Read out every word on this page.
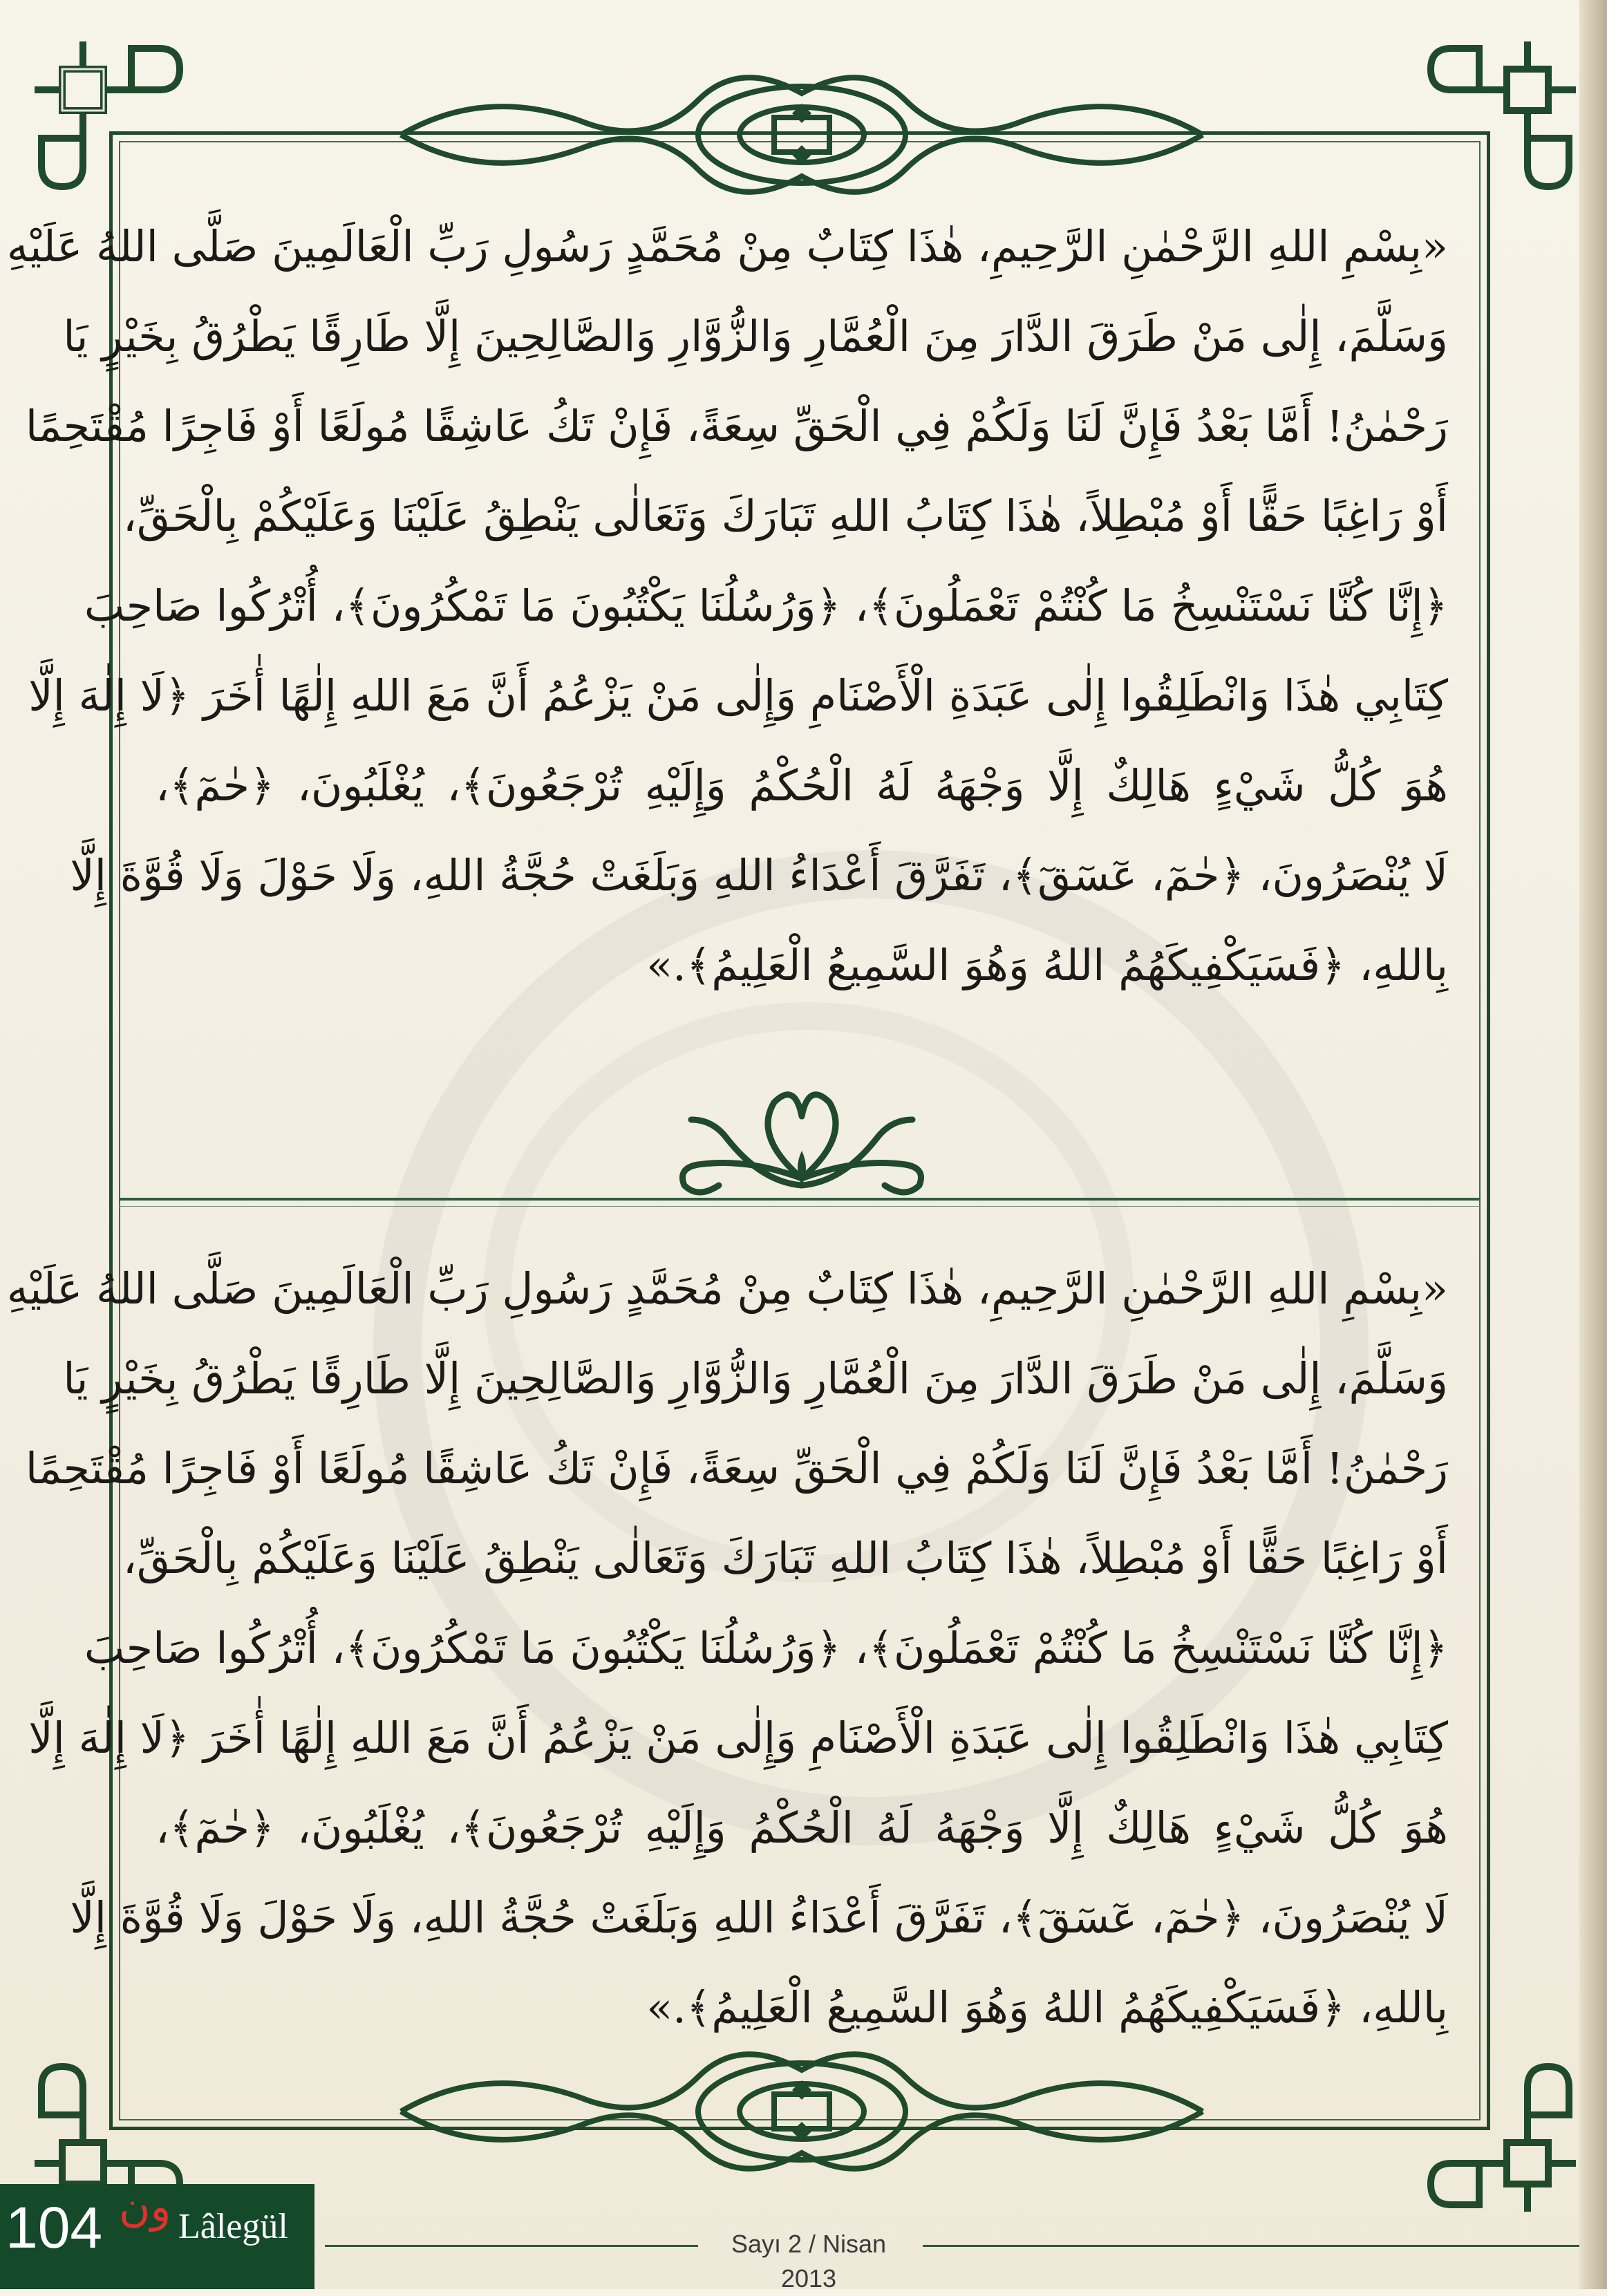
«بِسْمِ اللهِ الرَّحْمٰنِ الرَّحِيمِ، هٰذَا كِتَابٌ مِنْ مُحَمَّدٍ رَسُولِ رَبِّ الْعَالَمِينَ صَلَّى اللهُ عَلَيْهِ
وَسَلَّمَ، إِلٰى مَنْ طَرَقَ الدَّارَ مِنَ الْعُمَّارِ وَالزُّوَّارِ وَالصَّالِحِينَ إِلَّا طَارِقًا يَطْرُقُ بِخَيْرٍ يَا
رَحْمٰنُ! أَمَّا بَعْدُ فَإِنَّ لَنَا وَلَكُمْ فِي الْحَقِّ سِعَةً، فَإِنْ تَكُ عَاشِقًا مُولَعًا أَوْ فَاجِرًا مُقْتَحِمًا
أَوْ رَاغِبًا حَقًّا أَوْ مُبْطِلاً، هٰذَا كِتَابُ اللهِ تَبَارَكَ وَتَعَالٰى يَنْطِقُ عَلَيْنَا وَعَلَيْكُمْ بِالْحَقِّ،
﴿إِنَّا كُنَّا نَسْتَنْسِخُ مَا كُنْتُمْ تَعْمَلُونَ﴾، ﴿وَرُسُلُنَا يَكْتُبُونَ مَا تَمْكُرُونَ﴾، أُتْرُكُوا صَاحِبَ
كِتَابِي هٰذَا وَانْطَلِقُوا إِلٰى عَبَدَةِ الْأَصْنَامِ وَإِلٰى مَنْ يَزْعُمُ أَنَّ مَعَ اللهِ إِلٰهًا أٰخَرَ ﴿لَا إِلٰهَ إِلَّا
هُوَ كُلُّ شَيْءٍ هَالِكٌ إِلَّا وَجْهَهُ لَهُ الْحُكْمُ وَإِلَيْهِ تُرْجَعُونَ﴾، يُغْلَبُونَ، ﴿حٰمٓ﴾،
لَا يُنْصَرُونَ، ﴿حٰمٓ، عٓسٓقٓ﴾، تَفَرَّقَ أَعْدَاءُ اللهِ وَبَلَغَتْ حُجَّةُ اللهِ، وَلَا حَوْلَ وَلَا قُوَّةَ إِلَّا
بِاللهِ، ﴿فَسَيَكْفِيكَهُمُ اللهُ وَهُوَ السَّمِيعُ الْعَلِيمُ﴾.»
«بِسْمِ اللهِ الرَّحْمٰنِ الرَّحِيمِ، هٰذَا كِتَابٌ مِنْ مُحَمَّدٍ رَسُولِ رَبِّ الْعَالَمِينَ صَلَّى اللهُ عَلَيْهِ
وَسَلَّمَ، إِلٰى مَنْ طَرَقَ الدَّارَ مِنَ الْعُمَّارِ وَالزُّوَّارِ وَالصَّالِحِينَ إِلَّا طَارِقًا يَطْرُقُ بِخَيْرٍ يَا
رَحْمٰنُ! أَمَّا بَعْدُ فَإِنَّ لَنَا وَلَكُمْ فِي الْحَقِّ سِعَةً، فَإِنْ تَكُ عَاشِقًا مُولَعًا أَوْ فَاجِرًا مُقْتَحِمًا
أَوْ رَاغِبًا حَقًّا أَوْ مُبْطِلاً، هٰذَا كِتَابُ اللهِ تَبَارَكَ وَتَعَالٰى يَنْطِقُ عَلَيْنَا وَعَلَيْكُمْ بِالْحَقِّ،
﴿إِنَّا كُنَّا نَسْتَنْسِخُ مَا كُنْتُمْ تَعْمَلُونَ﴾، ﴿وَرُسُلُنَا يَكْتُبُونَ مَا تَمْكُرُونَ﴾، أُتْرُكُوا صَاحِبَ
كِتَابِي هٰذَا وَانْطَلِقُوا إِلٰى عَبَدَةِ الْأَصْنَامِ وَإِلٰى مَنْ يَزْعُمُ أَنَّ مَعَ اللهِ إِلٰهًا أٰخَرَ ﴿لَا إِلٰهَ إِلَّا
هُوَ كُلُّ شَيْءٍ هَالِكٌ إِلَّا وَجْهَهُ لَهُ الْحُكْمُ وَإِلَيْهِ تُرْجَعُونَ﴾، يُغْلَبُونَ، ﴿حٰمٓ﴾،
لَا يُنْصَرُونَ، ﴿حٰمٓ، عٓسٓقٓ﴾، تَفَرَّقَ أَعْدَاءُ اللهِ وَبَلَغَتْ حُجَّةُ اللهِ، وَلَا حَوْلَ وَلَا قُوَّةَ إِلَّا
بِاللهِ، ﴿فَسَيَكْفِيكَهُمُ اللهُ وَهُوَ السَّمِيعُ الْعَلِيمُ﴾.»
104 ون Lâlegül	Sayı 2 / Nisan 2013
